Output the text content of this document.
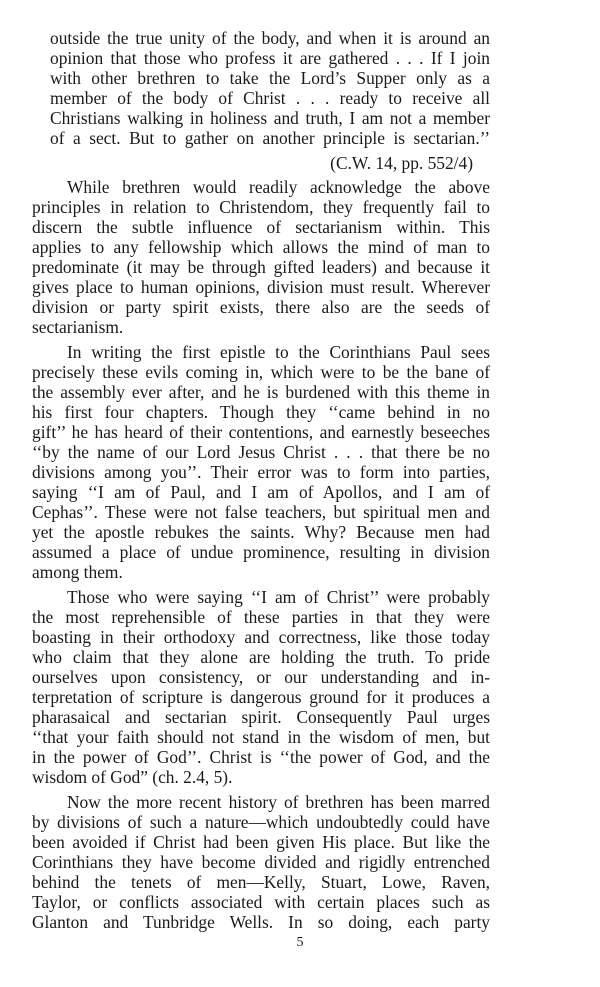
outside the true unity of the body, and when it is around an
opinion that those who profess it are gathered . . . If I join
with other brethren to take the Lord’s Supper only as a
member of the body of Christ . . . ready to receive all
Christians walking in holiness and truth, I am not a member
of a sect. But to gather on another principle is sectarian.’’
(C.W. 14, pp. 552/4)
While brethren would readily acknowledge the above
principles in relation to Christendom, they frequently fail to
discern the subtle influence of sectarianism within. This
applies to any fellowship which allows the mind of man to
predominate (it may be through gifted leaders) and because it
gives place to human opinions, division must result. Wherever
division or party spirit exists, there also are the seeds of
sectarianism.
In writing the first epistle to the Corinthians Paul sees
precisely these evils coming in, which were to be the bane of
the assembly ever after, and he is burdened with this theme in
his first four chapters. Though they ‘‘came behind in no
gift’’ he has heard of their contentions, and earnestly beseeches
‘‘by the name of our Lord Jesus Christ . . . that there be no
divisions among you’’. Their error was to form into parties,
saying ‘‘I am of Paul, and I am of Apollos, and I am of
Cephas’’. These were not false teachers, but spiritual men and
yet the apostle rebukes the saints. Why? Because men had
assumed a place of undue prominence, resulting in division
among them.
Those who were saying ‘‘I am of Christ’’ were probably
the most reprehensible of these parties in that they were
boasting in their orthodoxy and correctness, like those today
who claim that they alone are holding the truth. To pride
ourselves upon consistency, or our understanding and in-
terpretation of scripture is dangerous ground for it produces a
pharasaical and sectarian spirit. Consequently Paul urges
‘‘that your faith should not stand in the wisdom of men, but
in the power of God’’. Christ is ‘‘the power of God, and the
wisdom of God” (ch. 2.4, 5).
Now the more recent history of brethren has been marred
by divisions of such a nature—which undoubtedly could have
been avoided if Christ had been given His place. But like the
Corinthians they have become divided and rigidly entrenched
behind the tenets of men—Kelly, Stuart, Lowe, Raven,
Taylor, or conflicts associated with certain places such as
Glanton and Tunbridge Wells. In so doing, each party
5
